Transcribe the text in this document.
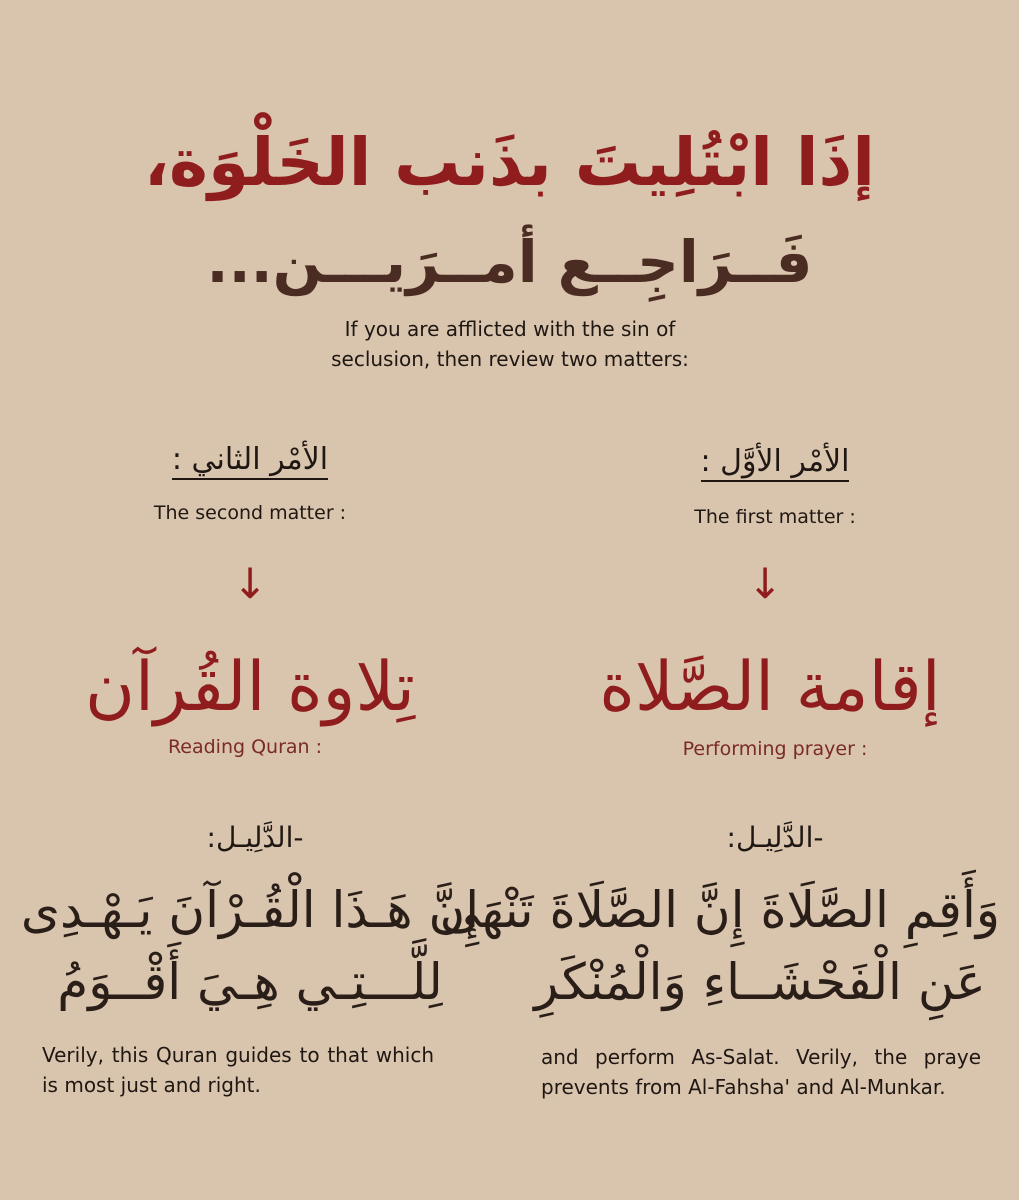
إذَا ابْتُلِيتَ بذَنب الخَلْوَة،
فَــرَاجِــع أمــرَيـــن...
If you are afflicted with the sin of
seclusion, then review two matters:
الأمْر الأوَّل :
The first matter :
↓
إقامة الصَّلاة
Performing prayer :
-الدَّلِيـل:
وَأَقِمِ الصَّلَاةَ إِنَّ الصَّلَاةَ تَنْهَى
عَنِ الْفَحْشَــاءِ وَالْمُنْكَرِ
and perform As-Salat. Verily, the praye prevents from Al-Fahsha' and Al-Munkar.
الأمْر الثاني :
The second matter :
↓
تِلاوة القُرآن
Reading Quran :
-الدَّلِيـل:
إِنَّ هَـذَا الْقُـرْآنَ يَـهْـدِى
لِلَّـــتِـي هِـيَ أَقْــوَمُ
Verily, this Quran guides to that which is most just and right.
